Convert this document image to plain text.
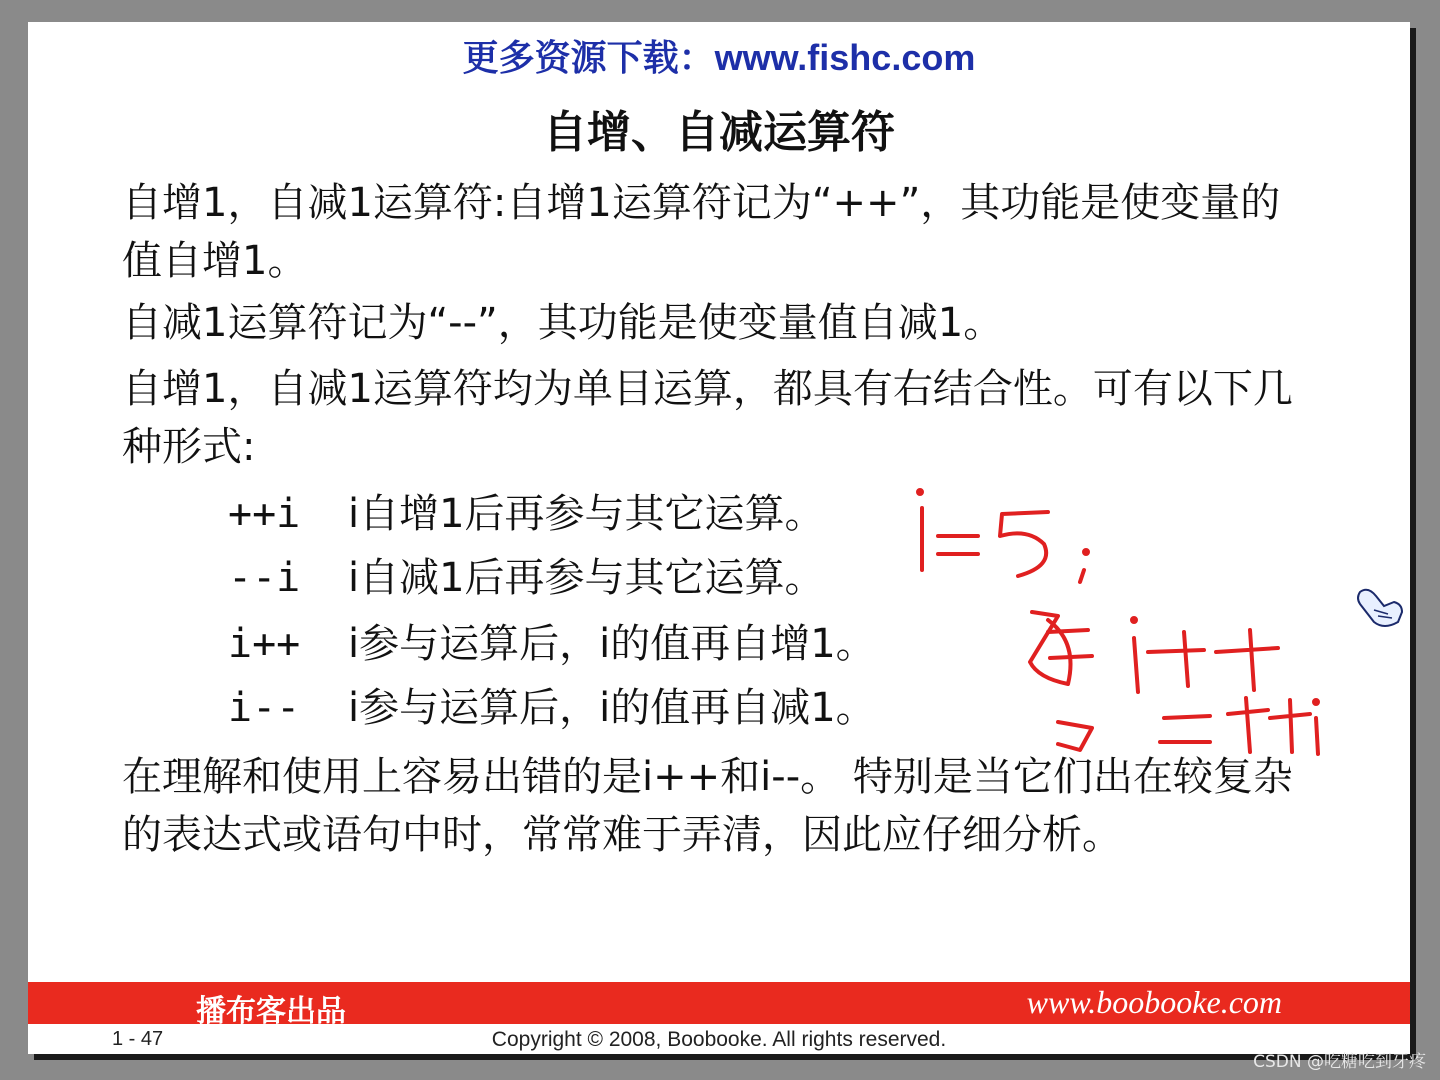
更多资源下载：www.fishc.com
自增、自减运算符
自增1，自减1运算符:自增1运算符记为“++”，其功能是使变量的值自增1。
自减1运算符记为“--”，其功能是使变量值自减1。
自增1，自减1运算符均为单目运算，都具有右结合性。可有以下几种形式:
++i i自增1后再参与其它运算。
--i i自减1后再参与其它运算。
i++ i参与运算后，i的值再自增1。
i-- i参与运算后，i的值再自减1。
在理解和使用上容易出错的是i++和i--。 特别是当它们出在较复杂的表达式或语句中时，常常难于弄清，因此应仔细分析。
播布客出品	www.boobooke.com
1 - 47	Copyright © 2008, Boobooke. All rights reserved.
CSDN @吃糖吃到牙疼
